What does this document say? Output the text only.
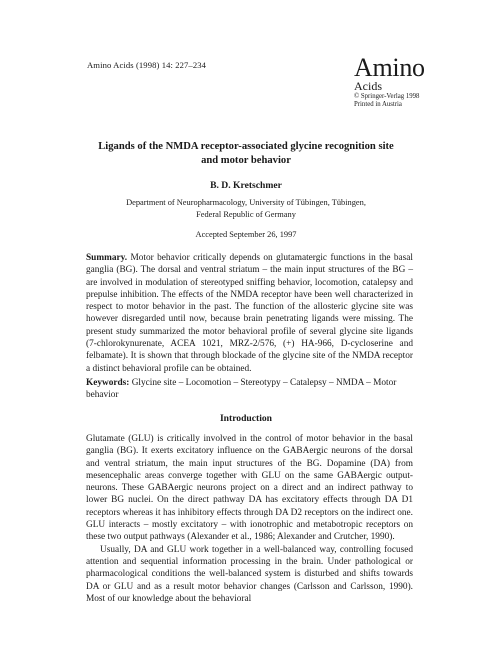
Amino Acids (1998) 14: 227–234	Amino
Acids
© Springer-Verlag 1998
Printed in Austria
Ligands of the NMDA receptor-associated glycine recognition site
and motor behavior
B. D. Kretschmer
Department of Neuropharmacology, University of Tübingen, Tübingen,
Federal Republic of Germany
Accepted September 26, 1997
Summary. Motor behavior critically depends on glutamatergic functions in the basal ganglia (BG). The dorsal and ventral striatum – the main input structures of the BG – are involved in modulation of stereotyped sniffing behavior, locomotion, catalepsy and prepulse inhibition. The effects of the NMDA receptor have been well characterized in respect to motor behavior in the past. The function of the allosteric glycine site was however disregarded until now, because brain penetrating ligands were missing. The present study summarized the motor behavioral profile of several glycine site ligands (7-chlorokynurenate, ACEA 1021, MRZ-2/576, (+) HA-966, D-cycloserine and felbamate). It is shown that through blockade of the glycine site of the NMDA receptor a distinct behavioral profile can be obtained.
Keywords: Glycine site – Locomotion – Stereotypy – Catalepsy – NMDA – Motor behavior
Introduction

Glutamate (GLU) is critically involved in the control of motor behavior in the basal ganglia (BG). It exerts excitatory influence on the GABAergic neurons of the dorsal and ventral striatum, the main input structures of the BG. Dopamine (DA) from mesencephalic areas converge together with GLU on the same GABAergic output-neurons. These GABAergic neurons project on a direct and an indirect pathway to lower BG nuclei. On the direct pathway DA has excitatory effects through DA D1 receptors whereas it has inhibitory effects through DA D2 receptors on the indirect one. GLU interacts – mostly excitatory – with ionotrophic and metabotropic receptors on these two output pathways (Alexander et al., 1986; Alexander and Crutcher, 1990).

Usually, DA and GLU work together in a well-balanced way, controlling focused attention and sequential information processing in the brain. Under pathological or pharmacological conditions the well-balanced system is disturbed and shifts towards DA or GLU and as a result motor behavior changes (Carlsson and Carlsson, 1990). Most of our knowledge about the behavioral
